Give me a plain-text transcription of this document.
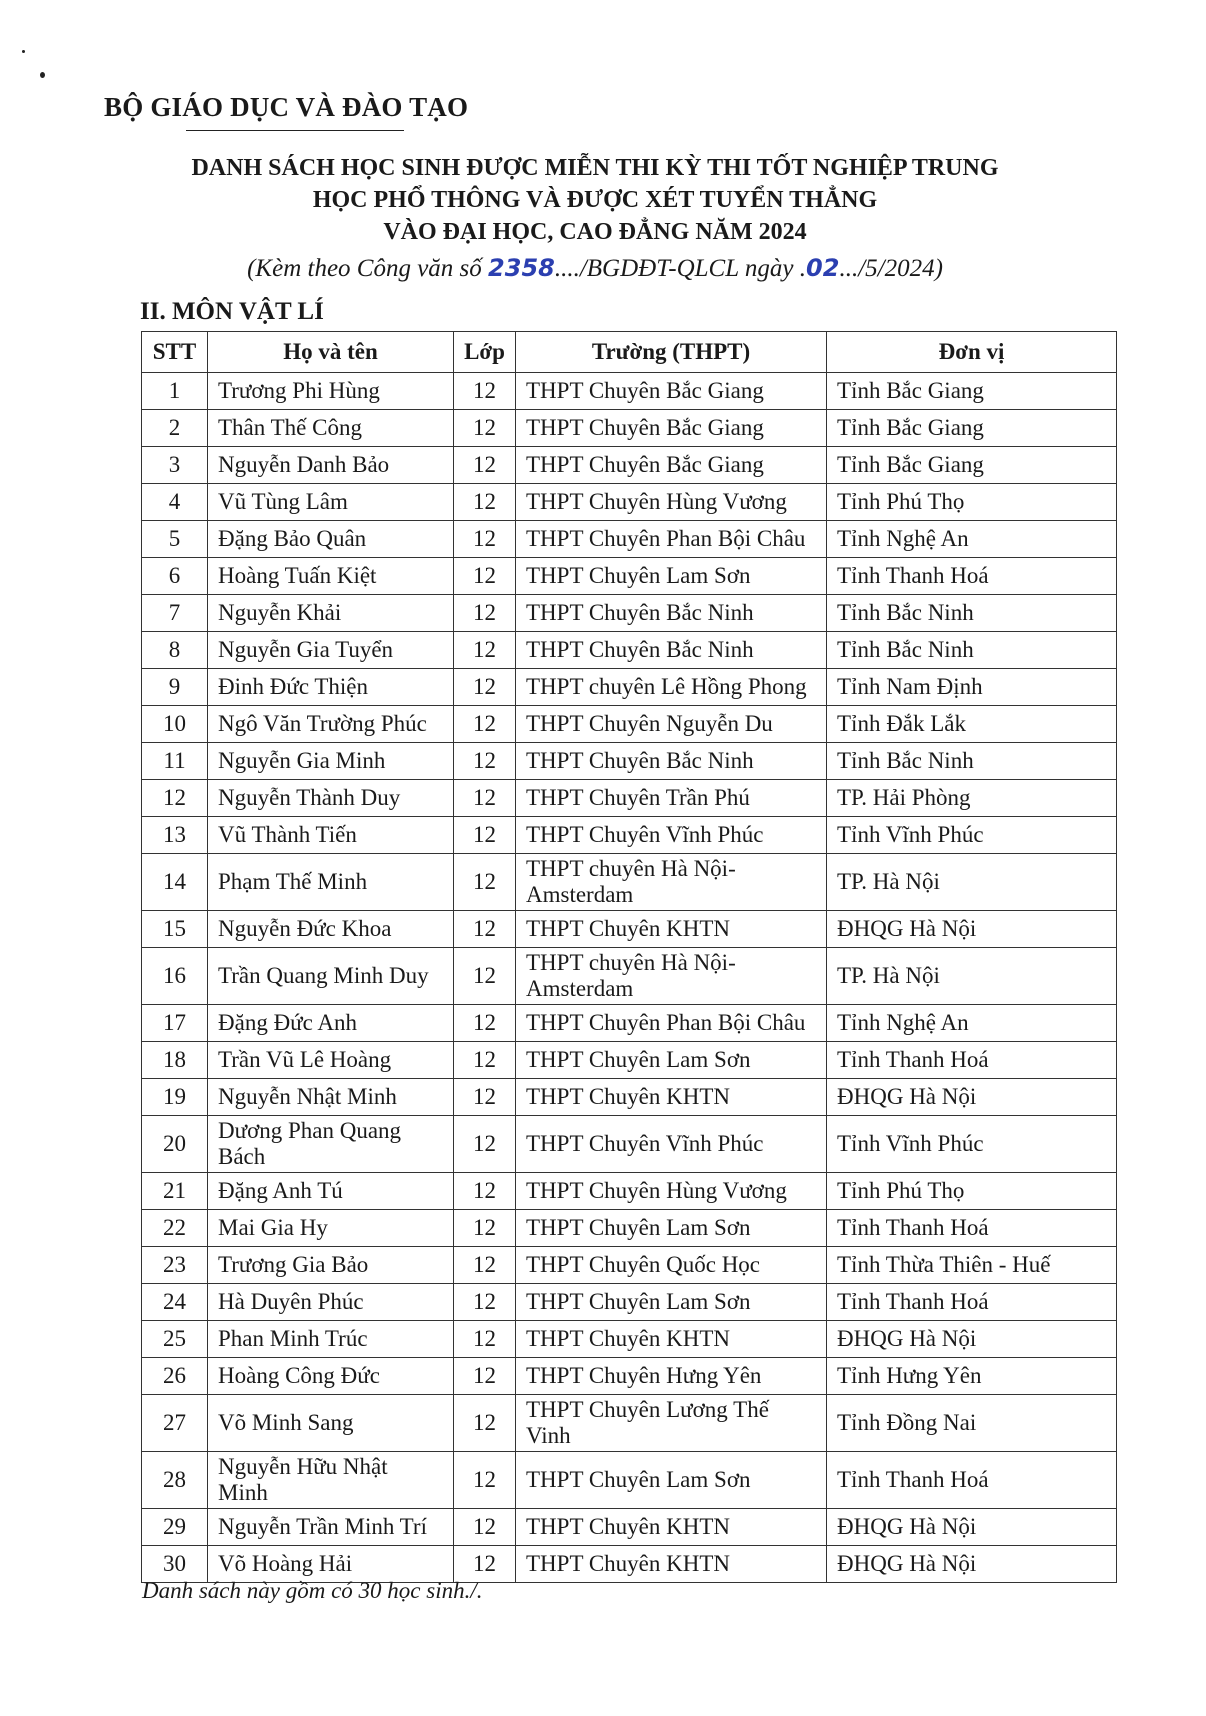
BỘ GIÁO DỤC VÀ ĐÀO TẠO
DANH SÁCH HỌC SINH ĐƯỢC MIỄN THI KỲ THI TỐT NGHIỆP TRUNG
HỌC PHỔ THÔNG VÀ ĐƯỢC XÉT TUYỂN THẲNG
VÀO ĐẠI HỌC, CAO ĐẲNG NĂM 2024
(Kèm theo Công văn số 2358..../BGDĐT-QLCL ngày .02.../5/2024)
II. MÔN VẬT LÍ
STT	Họ và tên	Lớp	Trường (THPT)	Đơn vị
1	Trương Phi Hùng	12	THPT Chuyên Bắc Giang	Tỉnh Bắc Giang
2	Thân Thế Công	12	THPT Chuyên Bắc Giang	Tỉnh Bắc Giang
3	Nguyễn Danh Bảo	12	THPT Chuyên Bắc Giang	Tỉnh Bắc Giang
4	Vũ Tùng Lâm	12	THPT Chuyên Hùng Vương	Tỉnh Phú Thọ
5	Đặng Bảo Quân	12	THPT Chuyên Phan Bội Châu	Tỉnh Nghệ An
6	Hoàng Tuấn Kiệt	12	THPT Chuyên Lam Sơn	Tỉnh Thanh Hoá
7	Nguyễn Khải	12	THPT Chuyên Bắc Ninh	Tỉnh Bắc Ninh
8	Nguyễn Gia Tuyển	12	THPT Chuyên Bắc Ninh	Tỉnh Bắc Ninh
9	Đinh Đức Thiện	12	THPT chuyên Lê Hồng Phong	Tỉnh Nam Định
10	Ngô Văn Trường Phúc	12	THPT Chuyên Nguyễn Du	Tỉnh Đắk Lắk
11	Nguyễn Gia Minh	12	THPT Chuyên Bắc Ninh	Tỉnh Bắc Ninh
12	Nguyễn Thành Duy	12	THPT Chuyên Trần Phú	TP. Hải Phòng
13	Vũ Thành Tiến	12	THPT Chuyên Vĩnh Phúc	Tỉnh Vĩnh Phúc
14	Phạm Thế Minh	12	THPT chuyên Hà Nội-Amsterdam	TP. Hà Nội
15	Nguyễn Đức Khoa	12	THPT Chuyên KHTN	ĐHQG Hà Nội
16	Trần Quang Minh Duy	12	THPT chuyên Hà Nội-Amsterdam	TP. Hà Nội
17	Đặng Đức Anh	12	THPT Chuyên Phan Bội Châu	Tỉnh Nghệ An
18	Trần Vũ Lê Hoàng	12	THPT Chuyên Lam Sơn	Tỉnh Thanh Hoá
19	Nguyễn Nhật Minh	12	THPT Chuyên KHTN	ĐHQG Hà Nội
20	Dương Phan Quang Bách	12	THPT Chuyên Vĩnh Phúc	Tỉnh Vĩnh Phúc
21	Đặng Anh Tú	12	THPT Chuyên Hùng Vương	Tỉnh Phú Thọ
22	Mai Gia Hy	12	THPT Chuyên Lam Sơn	Tỉnh Thanh Hoá
23	Trương Gia Bảo	12	THPT Chuyên Quốc Học	Tỉnh Thừa Thiên - Huế
24	Hà Duyên Phúc	12	THPT Chuyên Lam Sơn	Tỉnh Thanh Hoá
25	Phan Minh Trúc	12	THPT Chuyên KHTN	ĐHQG Hà Nội
26	Hoàng Công Đức	12	THPT Chuyên Hưng Yên	Tỉnh Hưng Yên
27	Võ Minh Sang	12	THPT Chuyên Lương Thế Vinh	Tỉnh Đồng Nai
28	Nguyễn Hữu Nhật Minh	12	THPT Chuyên Lam Sơn	Tỉnh Thanh Hoá
29	Nguyễn Trần Minh Trí	12	THPT Chuyên KHTN	ĐHQG Hà Nội
30	Võ Hoàng Hải	12	THPT Chuyên KHTN	ĐHQG Hà Nội
Danh sách này gồm có 30 học sinh./.
